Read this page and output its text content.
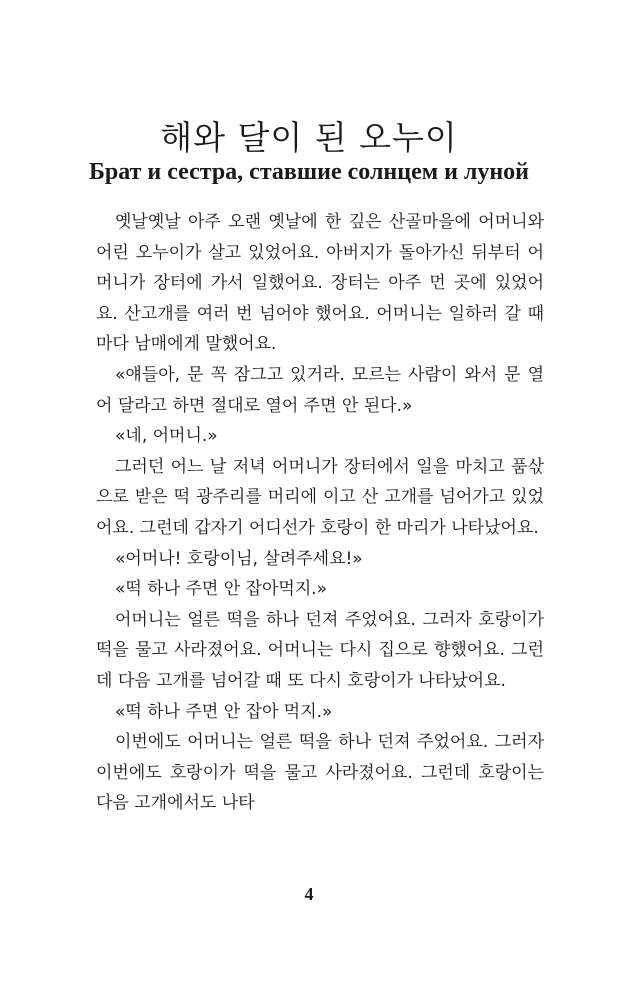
해와 달이 된 오누이
Брат и сестра, ставшие солнцем и луной

옛날옛날 아주 오랜 옛날에 한 깊은 산골마을에 어머니와 어린 오누이가 살고 있었어요. 아버지가 돌아가신 뒤부터 어머니가 장터에 가서 일했어요. 장터는 아주 먼 곳에 있었어요. 산고개를 여러 번 넘어야 했어요. 어머니는 일하러 갈 때마다 남매에게 말했어요.

«얘들아, 문 꼭 잠그고 있거라. 모르는 사람이 와서 문 열어 달라고 하면 절대로 열어 주면 안 된다.»

«네, 어머니.»

그러던 어느 날 저녁 어머니가 장터에서 일을 마치고 품삯으로 받은 떡 광주리를 머리에 이고 산 고개를 넘어가고 있었어요. 그런데 갑자기 어디선가 호랑이 한 마리가 나타났어요.

«어머나! 호랑이님, 살려주세요!»

«떡 하나 주면 안 잡아먹지.»

어머니는 얼른 떡을 하나 던져 주었어요. 그러자 호랑이가 떡을 물고 사라졌어요. 어머니는 다시 집으로 향했어요. 그런데 다음 고개를 넘어갈 때 또 다시 호랑이가 나타났어요.

«떡 하나 주면 안 잡아 먹지.»

이번에도 어머니는 얼른 떡을 하나 던져 주었어요. 그러자 이번에도 호랑이가 떡을 물고 사라졌어요. 그런데 호랑이는 다음 고개에서도 나타

4
